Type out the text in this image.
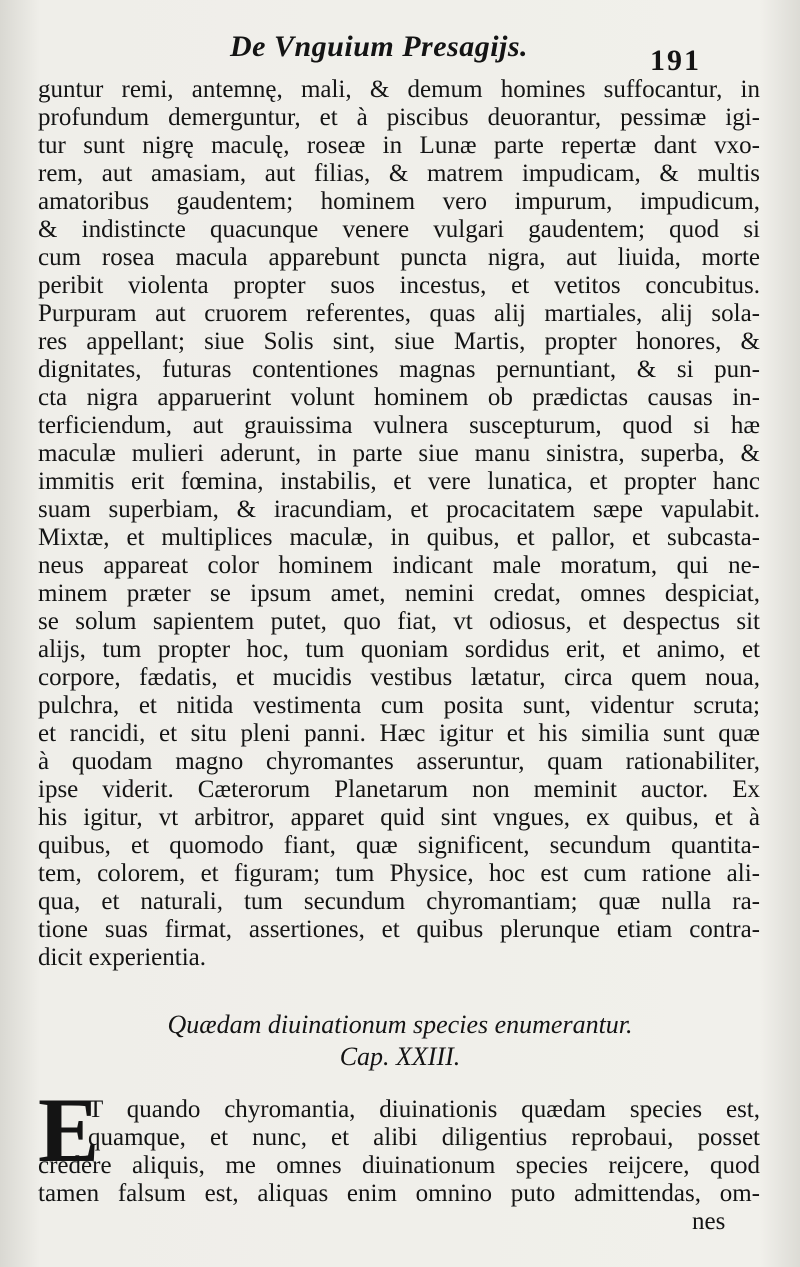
De Vnguium Presagijs.	191
guntur remi, antemnę, mali, & demum homines suffocantur, in
profundum demerguntur, et à piscibus deuorantur, pessimæ igi-
tur sunt nigrę maculę, roseæ in Lunæ parte repertæ dant vxo-
rem, aut amasiam, aut filias, & matrem impudicam, & multis
amatoribus gaudentem; hominem vero impurum, impudicum,
& indistincte quacunque venere vulgari gaudentem; quod si
cum rosea macula apparebunt puncta nigra, aut liuida, morte
peribit violenta propter suos incestus, et vetitos concubitus.
Purpuram aut cruorem referentes, quas alij martiales, alij sola-
res appellant; siue Solis sint, siue Martis, propter honores, &
dignitates, futuras contentiones magnas pernuntiant, & si pun-
cta nigra apparuerint volunt hominem ob prædictas causas in-
terficiendum, aut grauissima vulnera suscepturum, quod si hæ
maculæ mulieri aderunt, in parte siue manu sinistra, superba, &
immitis erit fœmina, instabilis, et vere lunatica, et propter hanc
suam superbiam, & iracundiam, et procacitatem sæpe vapulabit.
Mixtæ, et multiplices maculæ, in quibus, et pallor, et subcasta-
neus appareat color hominem indicant male moratum, qui ne-
minem præter se ipsum amet, nemini credat, omnes despiciat,
se solum sapientem putet, quo fiat, vt odiosus, et despectus sit
alijs, tum propter hoc, tum quoniam sordidus erit, et animo, et
corpore, fædatis, et mucidis vestibus lætatur, circa quem noua,
pulchra, et nitida vestimenta cum posita sunt, videntur scruta;
et rancidi, et situ pleni panni. Hæc igitur et his similia sunt quæ
à quodam magno chyromantes asseruntur, quam rationabiliter,
ipse viderit. Cæterorum Planetarum non meminit auctor. Ex
his igitur, vt arbitror, apparet quid sint vngues, ex quibus, et à
quibus, et quomodo fiant, quæ significent, secundum quantita-
tem, colorem, et figuram; tum Physice, hoc est cum ratione ali-
qua, et naturali, tum secundum chyromantiam; quæ nulla ra-
tione suas firmat, assertiones, et quibus plerunque etiam contra-
dicit experientia.
Quædam diuinationum species enumerantur.
Cap. XXIII.
E
T quando chyromantia, diuinationis quædam species est,
quamque, et nunc, et alibi diligentius reprobaui, posset
credere aliquis, me omnes diuinationum species reijcere, quod
tamen falsum est, aliquas enim omnino puto admittendas, om-
nes
